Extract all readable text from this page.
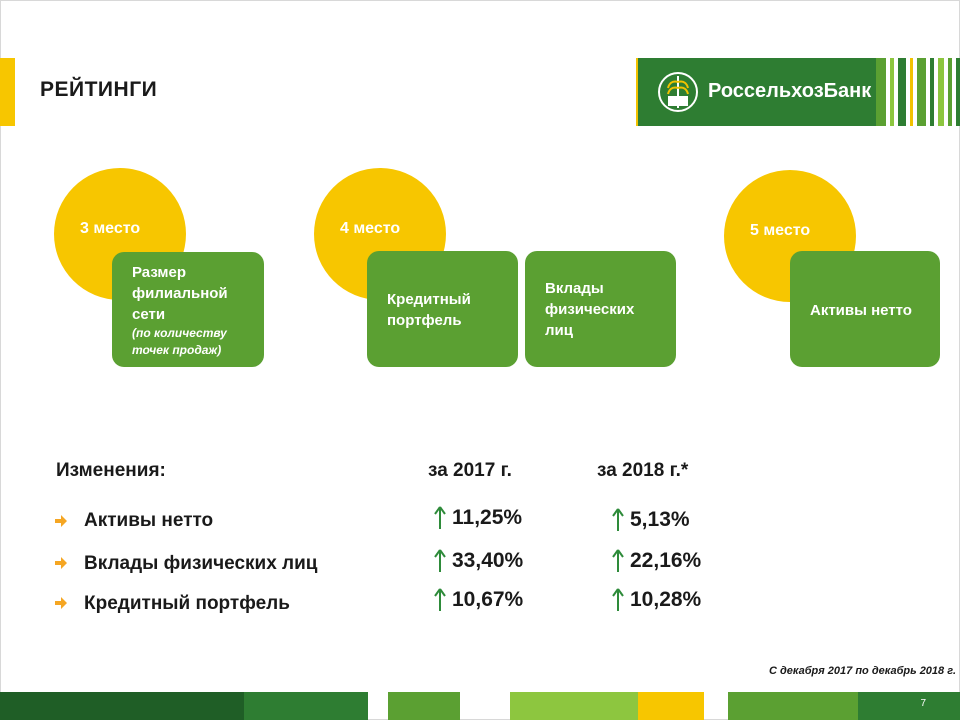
РЕЙТИНГИ	РоссельхозБанк
3 место
Размер
филиальной
сети
(по количеству
точек продаж)
4 место
Кредитный
портфель
Вклады
физических
лиц
5 место
Активы нетто
Изменения:	за 2017 г.	за 2018 г.*
Активы нетто	11,25%	5,13%
Вклады физических лиц	33,40%	22,16%
Кредитный портфель	10,67%	10,28%
С декабря 2017 по декабрь 2018 г.
7
